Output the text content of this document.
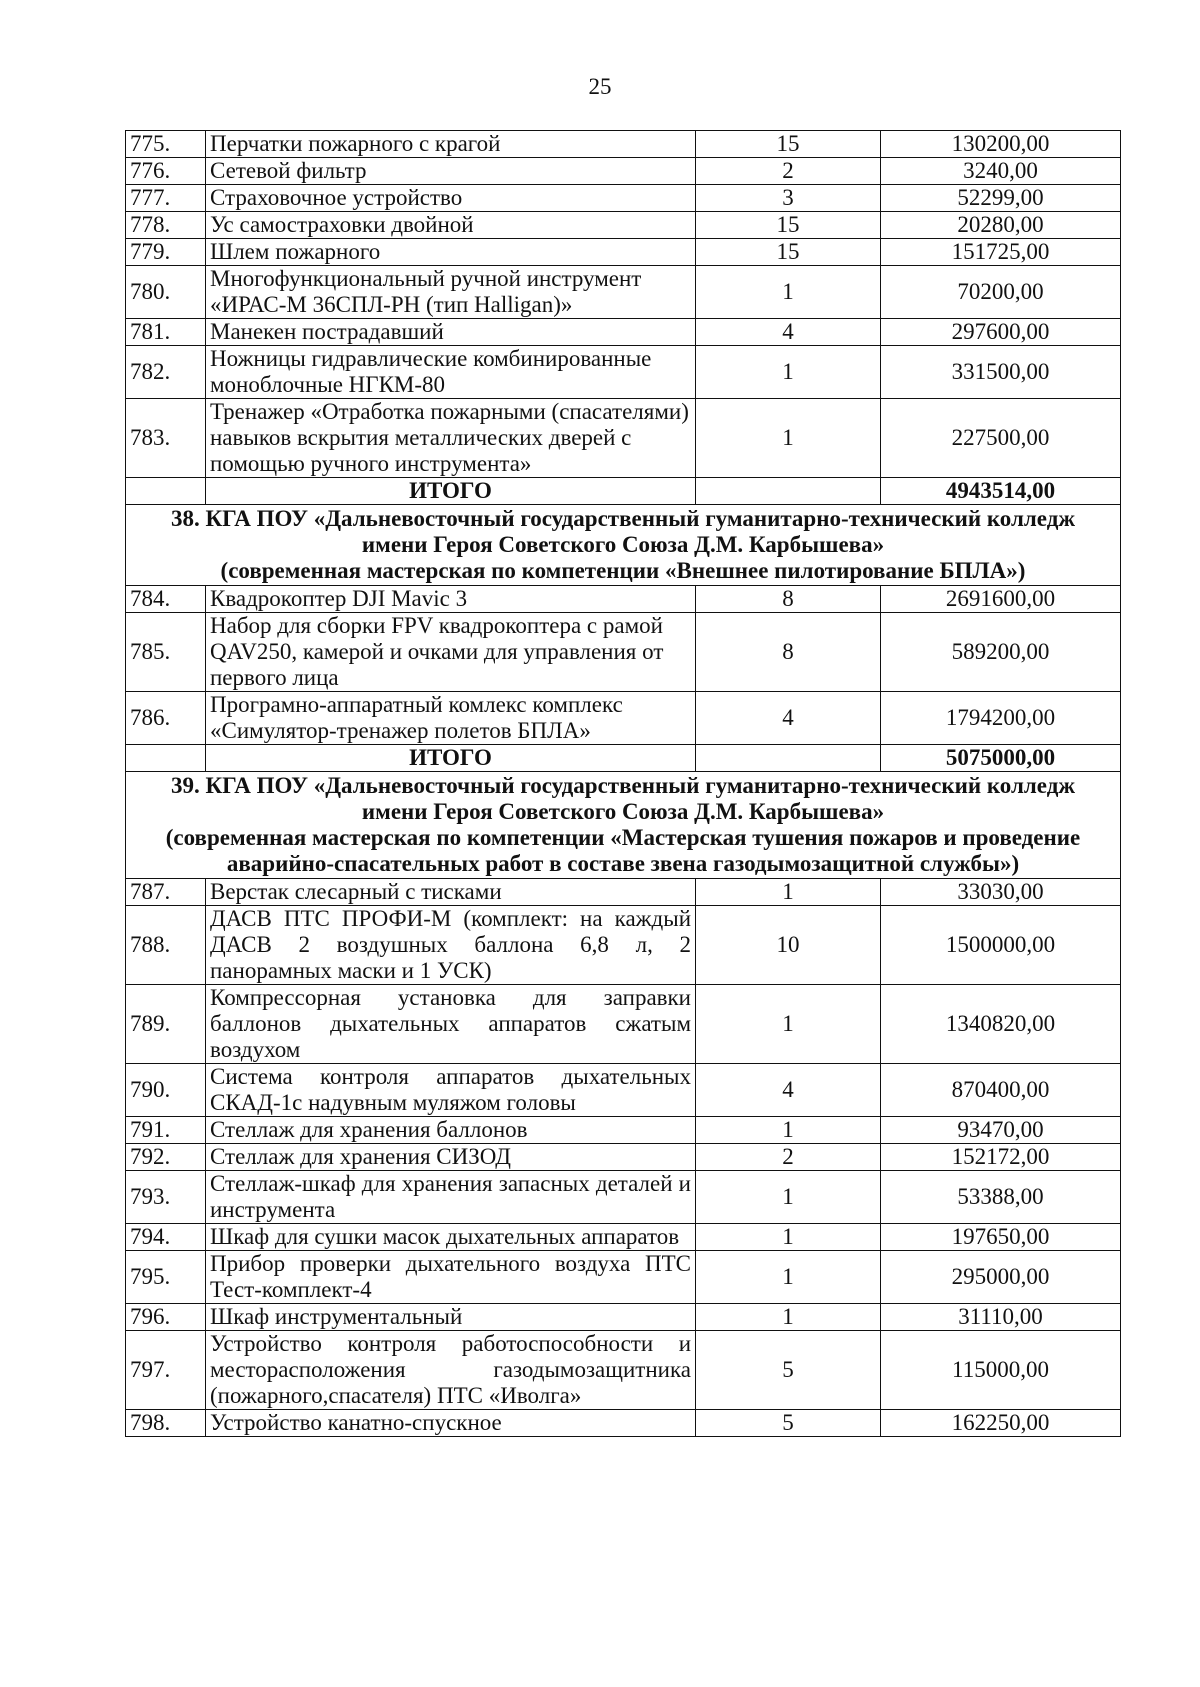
25
775.	Перчатки пожарного с крагой	15	130200,00
776.	Сетевой фильтр	2	3240,00
777.	Страховочное устройство	3	52299,00
778.	Ус самостраховки двойной	15	20280,00
779.	Шлем пожарного	15	151725,00
780.	Многофункциональный ручной инструмент «ИРАС-М 36СПЛ-РН (тип Halligan)»	1	70200,00
781.	Манекен пострадавший	4	297600,00
782.	Ножницы гидравлические комбинированные моноблочные НГКМ-80	1	331500,00
783.	Тренажер «Отработка пожарными (спасателями) навыков вскрытия металлических дверей с помощью ручного инструмента»	1	227500,00
	ИТОГО		4943514,00

38. КГА ПОУ «Дальневосточный государственный гуманитарно-технический колледж
имени Героя Советского Союза Д.М. Карбышева»
(современная мастерская по компетенции «Внешнее пилотирование БПЛА»)			

784.	Квадрокоптер DJI Mavic 3	8	2691600,00
785.	Набор для сборки FPV квадрокоптера с рамой QAV250, камерой и очками для управления от первого лица	8	589200,00
786.	Програмно-аппаратный комлекс комплекс «Симулятор-тренажер полетов БПЛА»	4	1794200,00
	ИТОГО		5075000,00

39. КГА ПОУ «Дальневосточный государственный гуманитарно-технический колледж
имени Героя Советского Союза Д.М. Карбышева»
(современная мастерская по компетенции «Мастерская тушения пожаров и проведение
аварийно-спасательных работ в составе звена газодымозащитной службы»)			

787.	Верстак слесарный с тисками	1	33030,00
788.	ДАСВ ПТС ПРОФИ-М (комплект: на каждый ДАСВ 2 воздушных баллона 6,8 л, 2 панорамных маски и 1 УСК)	10	1500000,00
789.	Компрессорная установка для заправки баллонов дыхательных аппаратов сжатым воздухом	1	1340820,00
790.	Система контроля аппаратов дыхательных СКАД-1с надувным муляжом головы	4	870400,00
791.	Стеллаж для хранения баллонов	1	93470,00
792.	Стеллаж для хранения СИЗОД	2	152172,00
793.	Стеллаж-шкаф для хранения запасных деталей и инструмента	1	53388,00
794.	Шкаф для сушки масок дыхательных аппаратов	1	197650,00
795.	Прибор проверки дыхательного воздуха ПТС Тест-комплект-4	1	295000,00
796.	Шкаф инструментальный	1	31110,00
797.	Устройство контроля работоспособности и месторасположения газодымозащитника (пожарного,спасателя) ПТС «Иволга»	5	115000,00
798.	Устройство канатно-спускное	5	162250,00
